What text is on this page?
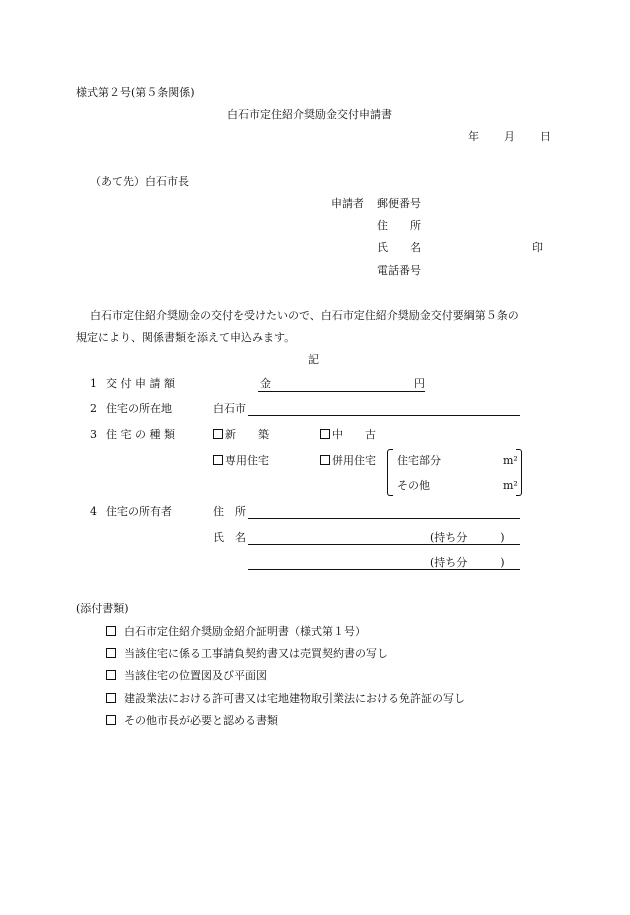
様式第２号(第５条関係)
白石市定住紹介奨励金交付申請書
年 月 日
（あて先）白石市長
申請者 郵便番号
住　　所
氏　　名	印
電話番号
白石市定住紹介奨励金の交付を受けたいので、白石市定住紹介奨励金交付要綱第５条の
規定により、関係書類を添えて申込みます。
記
1 交 付 申 請 額	金	円
2 住宅の所在地	白石市
3 住 宅 の 種 類	新　　築	中　　古
専用住宅	併用住宅 住宅部分	m²
その他	m²
4 住宅の所有者	住　所
氏　名	(持ち分　　　)
(持ち分　　　)
(添付書類)
白石市定住紹介奨励金紹介証明書（様式第１号）
当該住宅に係る工事請負契約書又は売買契約書の写し
当該住宅の位置図及び平面図
建設業法における許可書又は宅地建物取引業法における免許証の写し
その他市長が必要と認める書類
